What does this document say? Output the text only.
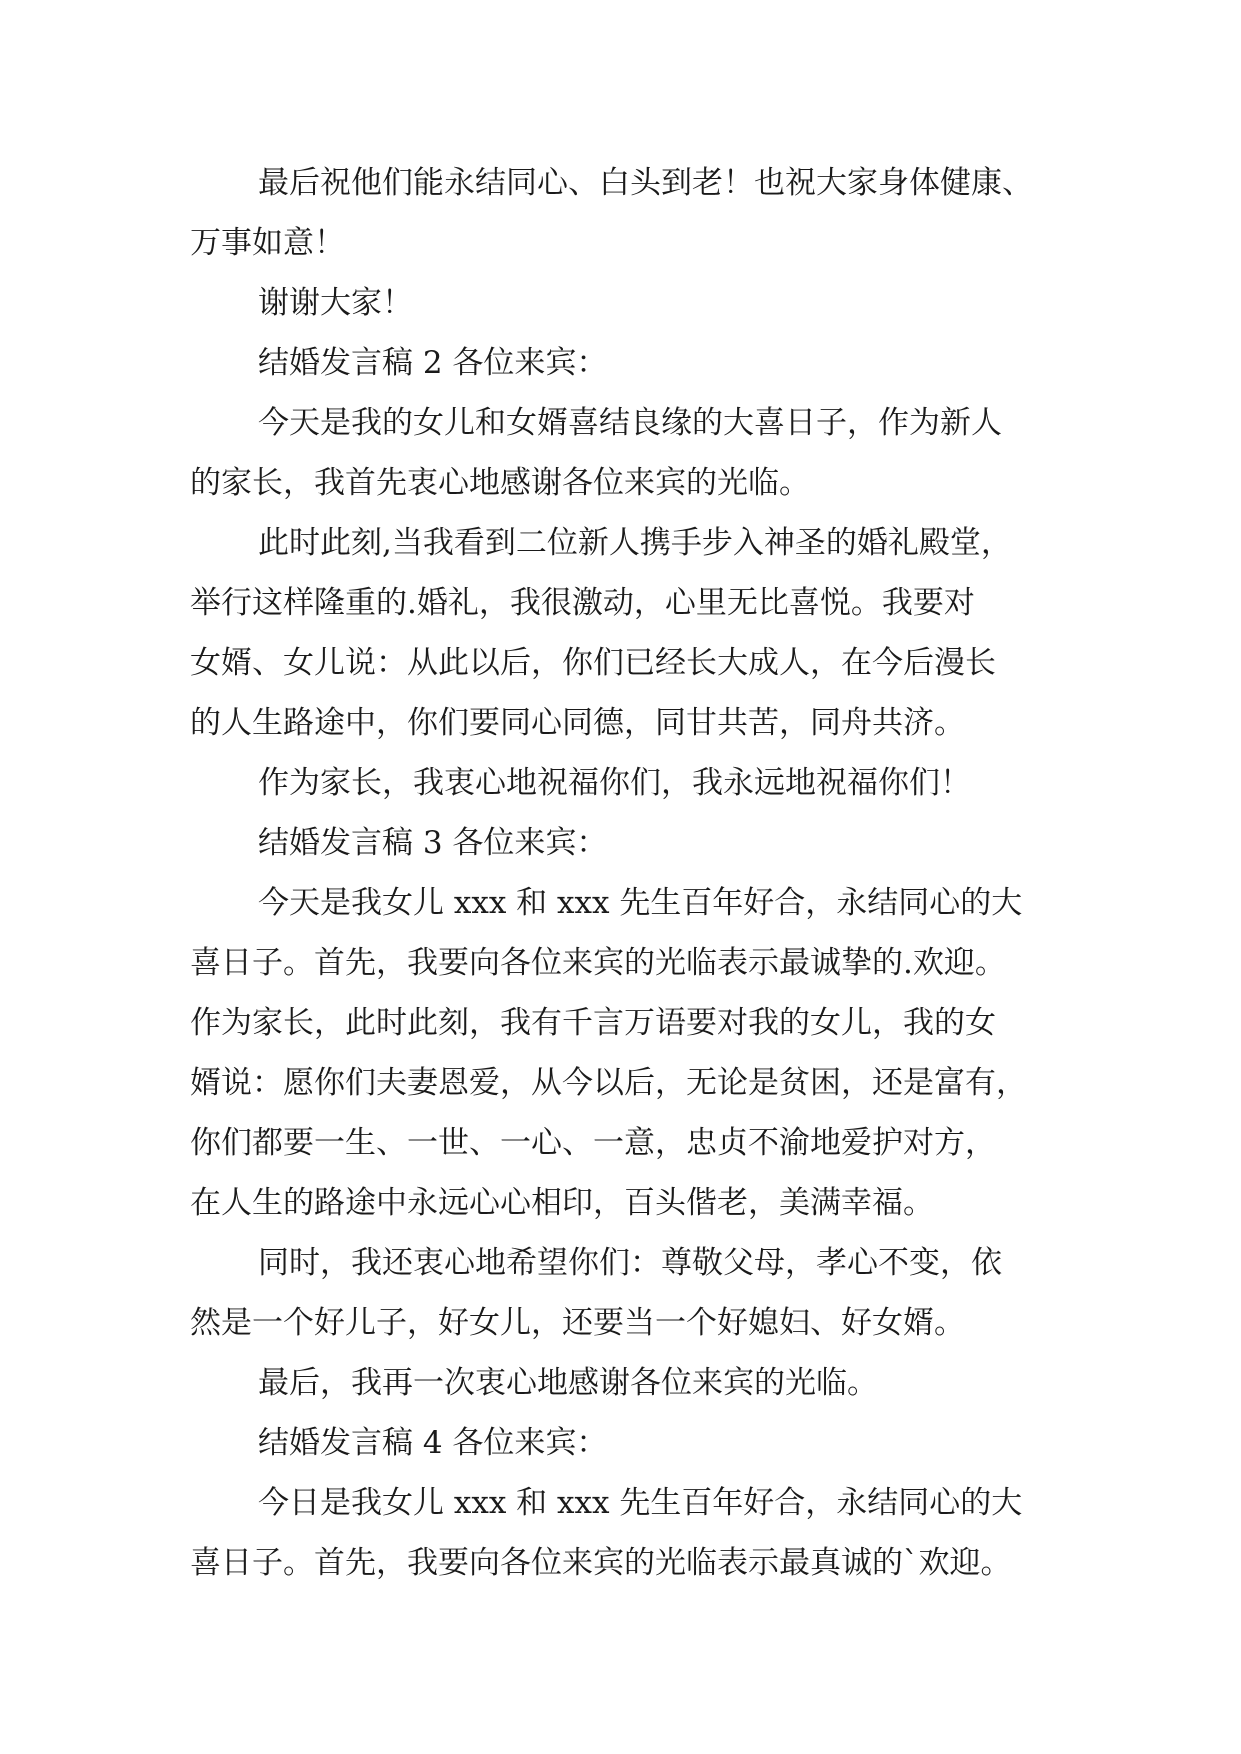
最后祝他们能永结同心、白头到老！也祝大家身体健康、
万事如意！
谢谢大家！
结婚发言稿 2 各位来宾：
今天是我的女儿和女婿喜结良缘的大喜日子，作为新人
的家长，我首先衷心地感谢各位来宾的光临。
此时此刻,当我看到二位新人携手步入神圣的婚礼殿堂，
举行这样隆重的.婚礼，我很激动，心里无比喜悦。我要对
女婿、女儿说：从此以后，你们已经长大成人，在今后漫长
的人生路途中，你们要同心同德，同甘共苦，同舟共济。
作为家长，我衷心地祝福你们，我永远地祝福你们！
结婚发言稿 3 各位来宾：
今天是我女儿 xxx 和 xxx 先生百年好合，永结同心的大
喜日子。首先，我要向各位来宾的光临表示最诚挚的.欢迎。
作为家长，此时此刻，我有千言万语要对我的女儿，我的女
婿说：愿你们夫妻恩爱，从今以后，无论是贫困，还是富有，
你们都要一生、一世、一心、一意，忠贞不渝地爱护对方，
在人生的路途中永远心心相印，百头偕老，美满幸福。
同时，我还衷心地希望你们：尊敬父母，孝心不变，依
然是一个好儿子，好女儿，还要当一个好媳妇、好女婿。
最后，我再一次衷心地感谢各位来宾的光临。
结婚发言稿 4 各位来宾：
今日是我女儿 xxx 和 xxx 先生百年好合，永结同心的大
喜日子。首先，我要向各位来宾的光临表示最真诚的`欢迎。
